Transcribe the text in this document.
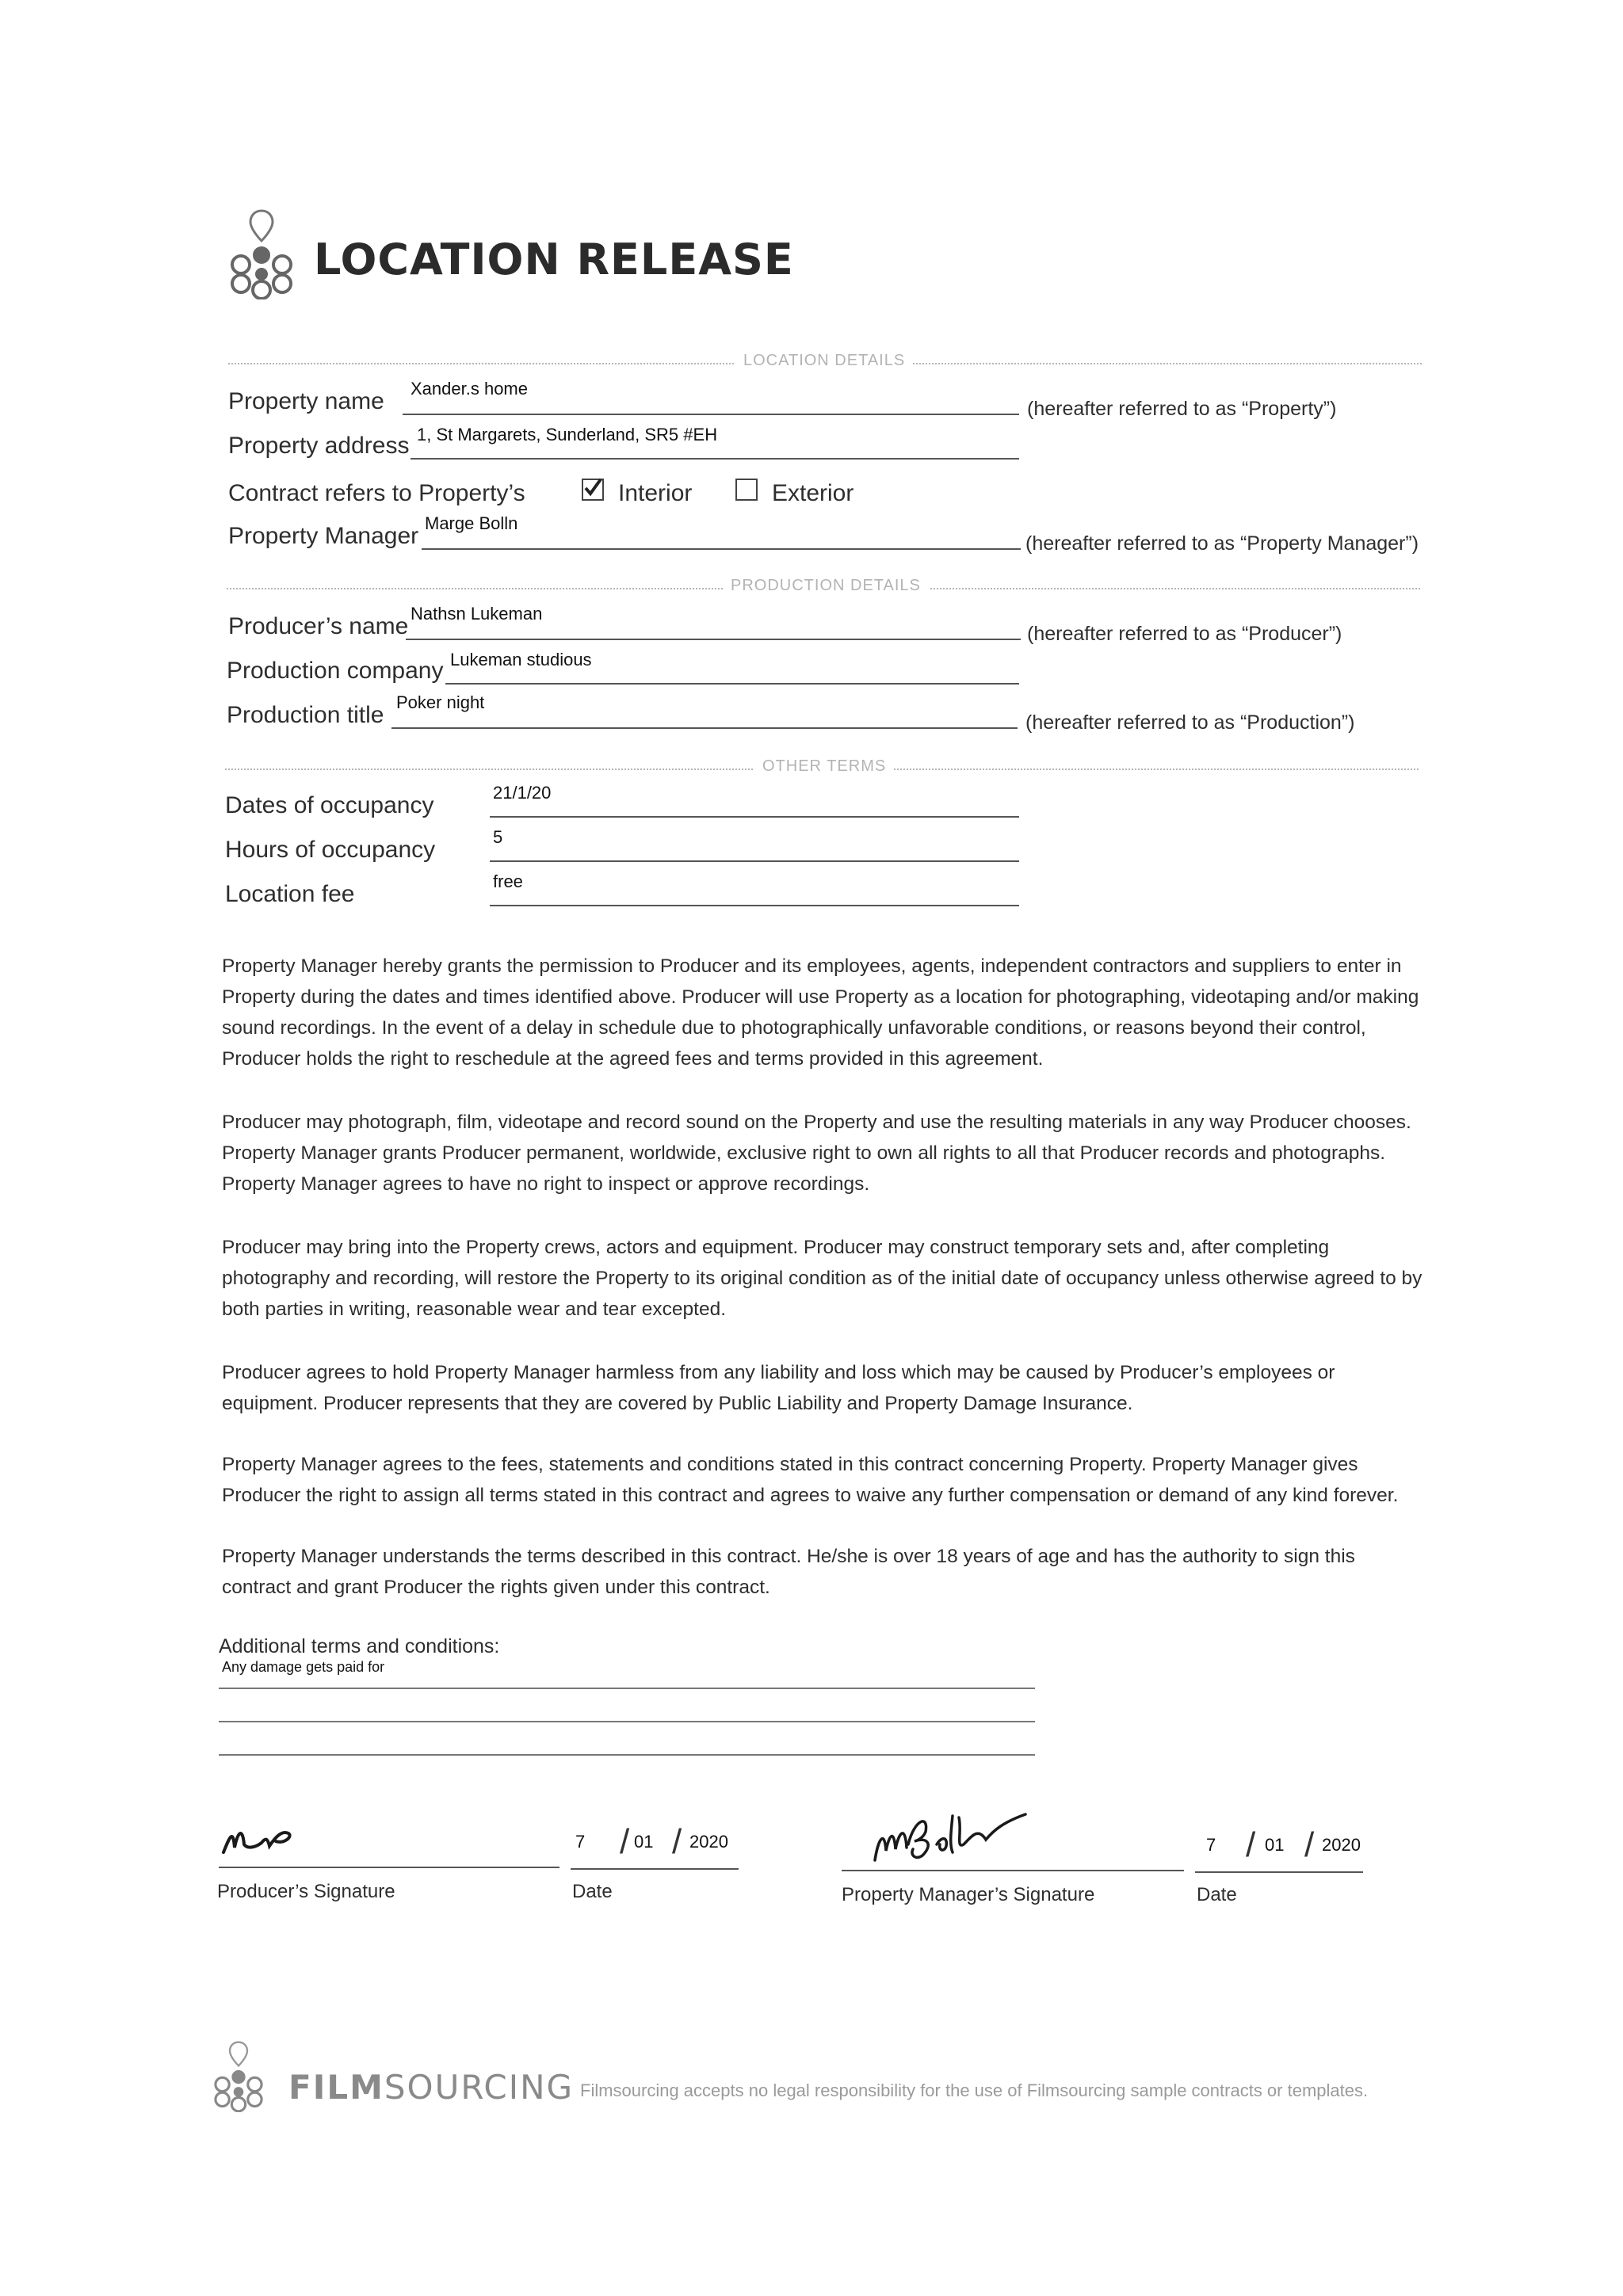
LOCATION RELEASE
LOCATION DETAILS
Property name Xander.s home
(hereafter referred to as “Property”)
Property address 1, St Margarets, Sunderland, SR5 #EH
Contract refers to Property’s	Interior	Exterior
Property Manager Marge Bolln
(hereafter referred to as “Property Manager”)
PRODUCTION DETAILS
Producer’s name Nathsn Lukeman
(hereafter referred to as “Producer”)
Production company Lukeman studious
Production title Poker night
(hereafter referred to as “Production”)
OTHER TERMS
Dates of occupancy	21/1/20
Hours of occupancy	5
Location fee	free

Property Manager hereby grants the permission to Producer and its employees, agents, independent contractors and suppliers to enter in Property during the dates and times identified above. Producer will use Property as a location for photographing, videotaping and/or making sound recordings. In the event of a delay in schedule due to photographically unfavorable conditions, or reasons beyond their control, Producer holds the right to reschedule at the agreed fees and terms provided in this agreement.

Producer may photograph, film, videotape and record sound on the Property and use the resulting materials in any way Producer chooses. Property Manager grants Producer permanent, worldwide, exclusive right to own all rights to all that Producer records and photographs. Property Manager agrees to have no right to inspect or approve recordings.

Producer may bring into the Property crews, actors and equipment. Producer may construct temporary sets and, after completing photography and recording, will restore the Property to its original condition as of the initial date of occupancy unless otherwise agreed to by both parties in writing, reasonable wear and tear excepted.

Producer agrees to hold Property Manager harmless from any liability and loss which may be caused by Producer’s employees or equipment. Producer represents that they are covered by Public Liability and Property Damage Insurance.

Property Manager agrees to the fees, statements and conditions stated in this contract concerning Property. Property Manager gives Producer the right to assign all terms stated in this contract and agrees to waive any further compensation or demand of any kind forever.

Property Manager understands the terms described in this contract. He/she is over 18 years of age and has the authority to sign this contract and grant Producer the rights given under this contract.

Additional terms and conditions:
Any damage gets paid for
Producer’s Signature
7 / 01 / 2020
Date	Property Manager’s Signature
7 / 01 / 2020
Date
FILMSOURCING Filmsourcing accepts no legal responsibility for the use of Filmsourcing sample contracts or templates.
